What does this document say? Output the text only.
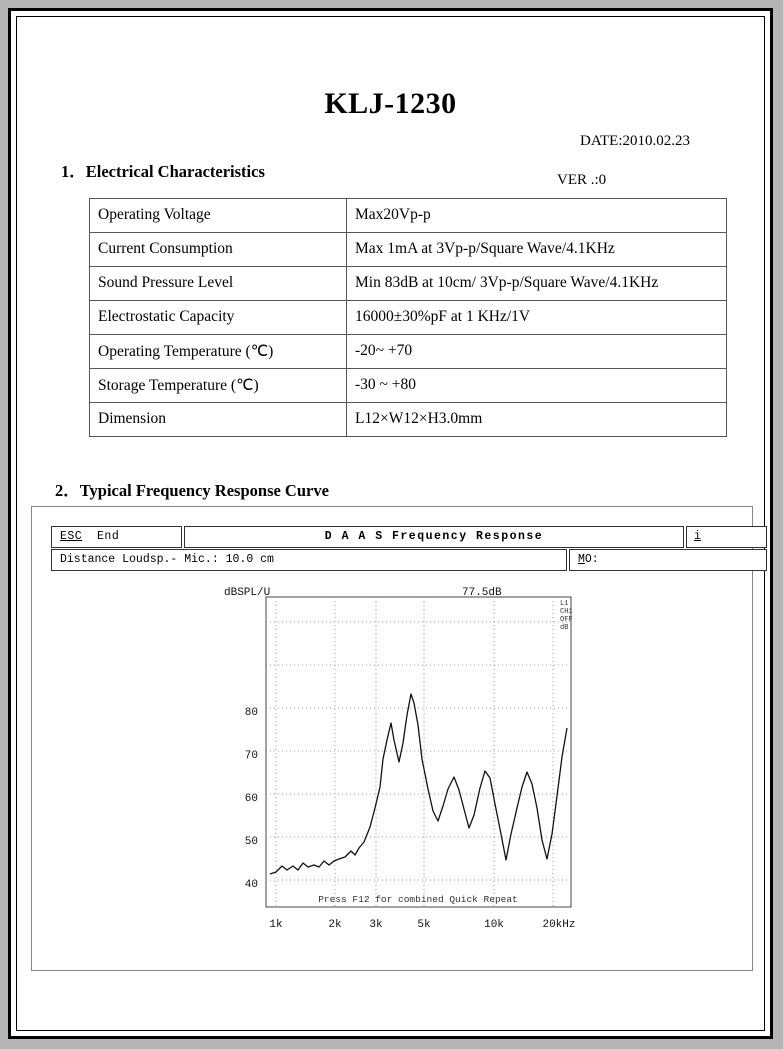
KLJ-1230
DATE:2010.02.23
1．Electrical Characteristics	VER .:0
Operating Voltage	Max20Vp-p
Current Consumption	Max 1mA at 3Vp-p/Square Wave/4.1KHz
Sound Pressure Level	Min 83dB at 10cm/ 3Vp-p/Square Wave/4.1KHz
Electrostatic Capacity	16000±30%pF at 1 KHz/1V
Operating Temperature (℃)	-20~ +70
Storage Temperature (℃)	-30 ~ +80
Dimension	L12×W12×H3.0mm
2．Typical Frequency Response Curve
ESC  End	D A A S Frequency Response	i
Distance Loudsp.- Mic.: 10.0 cm	MO:
80
70
60
50
40
dBSPL/U	77.5dB
L1
CH1
OFF
dB
1k	2k	3k	5k	10k	20kHz
Press F12 for combined Quick Repeat
